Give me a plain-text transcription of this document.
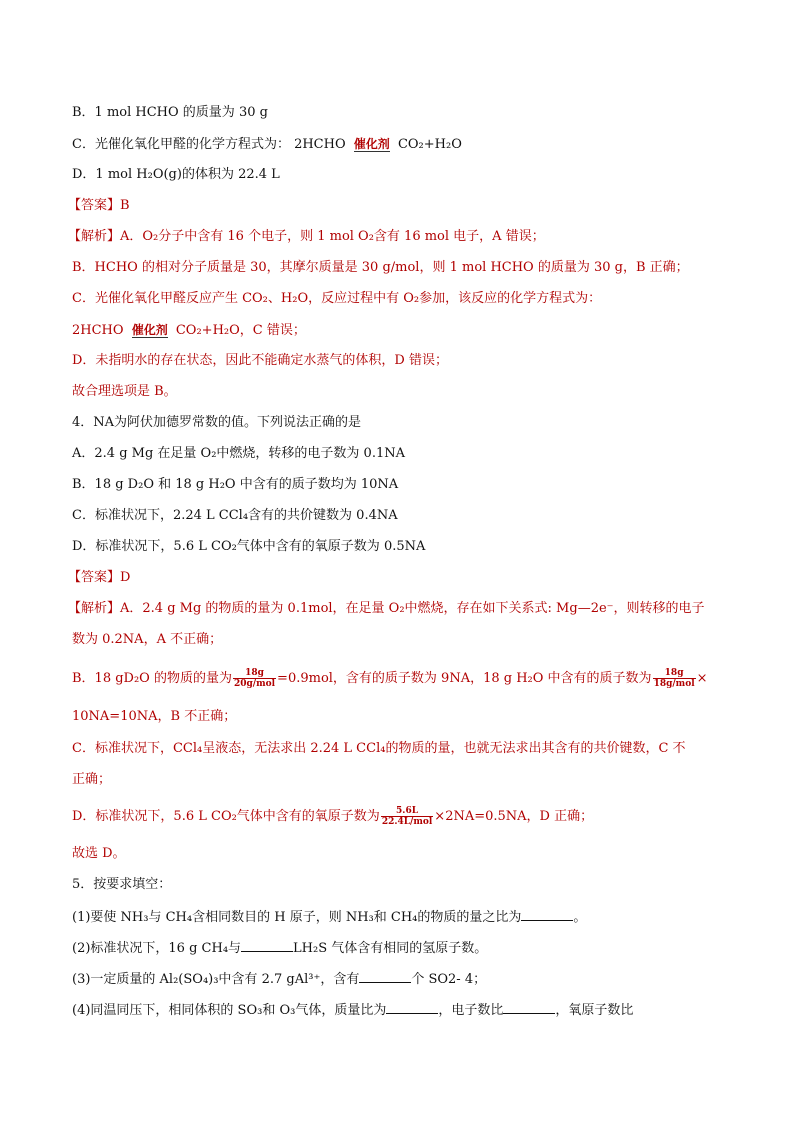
B．1 mol HCHO 的质量为 30 g
C．光催化氧化甲醛的化学方程式为： 2HCHO 催化剂 CO₂+H₂O
D．1 mol H₂O(g)的体积为 22.4 L
【答案】B
【解析】A．O₂分子中含有 16 个电子，则 1 mol O₂含有 16 mol 电子，A 错误；
B．HCHO 的相对分子质量是 30，其摩尔质量是 30 g/mol，则 1 mol HCHO 的质量为 30 g，B 正确；
C．光催化氧化甲醛反应产生 CO₂、H₂O，反应过程中有 O₂参加，该反应的化学方程式为：
2HCHO 催化剂 CO₂+H₂O，C 错误；
D．未指明水的存在状态，因此不能确定水蒸气的体积，D 错误；
故合理选项是 B。
4．NA为阿伏加德罗常数的值。下列说法正确的是
A．2.4 g Mg 在足量 O₂中燃烧，转移的电子数为 0.1NA
B．18 g D₂O 和 18 g H₂O 中含有的质子数均为 10NA
C．标准状况下，2.24 L CCl₄含有的共价键数为 0.4NA
D．标准状况下，5.6 L CO₂气体中含有的氧原子数为 0.5NA
【答案】D
【解析】A．2.4 g Mg 的物质的量为 0.1mol，在足量 O₂中燃烧，存在如下关系式: Mg—2e⁻，则转移的电子
数为 0.2NA，A 不正确；
B．18 gD₂O 的物质的量为 $\frac{18g}{\text{20g/mol}} =0.9mol$，含有的质子数为 9NA，18 g H₂O 中含有的质子数为 $\frac{18g}{\text{18g/mol}}$ ×
10NA=10NA，B 不正确；
C．标准状况下，CCl₄呈液态，无法求出 2.24 L CCl₄的物质的量，也就无法求出其含有的共价键数，C 不
正确；
D．标准状况下，5.6 L CO₂气体中含有的氧原子数为 $\frac{5.6L}{\text{22.4L/mol}} \times 2NA=0.5NA$，D 正确；
故选 D。
5．按要求填空：
(1)要使 NH₃与 CH₄含相同数目的 H 原子，则 NH₃和 CH₄的物质的量之比为	。
(2)标准状况下，16 g CH₄与	LH₂S 气体含有相同的氢原子数。
(3)一定质量的 Al₂(SO₄)₃中含有 2.7 gAl³⁺，含有	个 SO2- 4；
(4)同温同压下，相同体积的 SO₃和 O₃气体，质量比为	，电子数比	，氧原子数比
